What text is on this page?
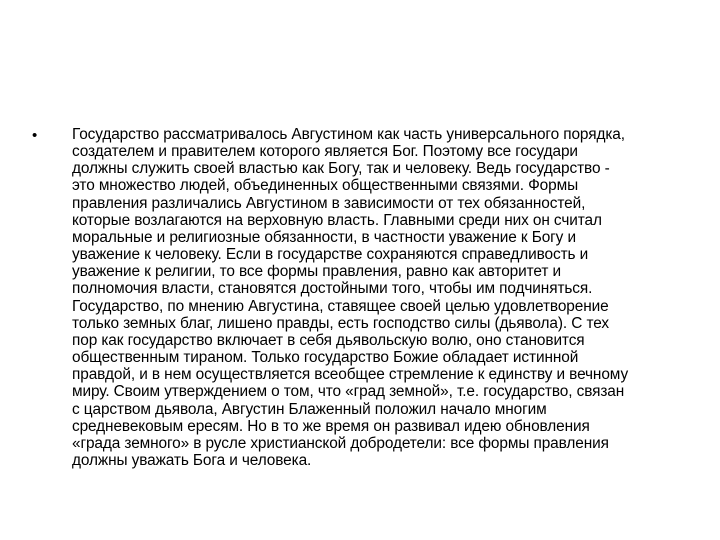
•	Государство рассматривалось Августином как часть универсального порядка,
создателем и правителем которого является Бог. Поэтому все государи
должны служить своей властью как Богу, так и человеку. Ведь государство -
это множество людей, объединенных общественными связями. Формы
правления различались Августином в зависимости от тех обязанностей,
которые возлагаются на верховную власть. Главными среди них он считал
моральные и религиозные обязанности, в частности уважение к Богу и
уважение к человеку. Если в государстве сохраняются справедливость и
уважение к религии, то все формы правления, равно как авторитет и
полномочия власти, становятся достойными того, чтобы им подчиняться.
Государство, по мнению Августина, ставящее своей целью удовлетворение
только земных благ, лишено правды, есть господство силы (дьявола). С тех
пор как государство включает в себя дьявольскую волю, оно становится
общественным тираном. Только государство Божие обладает истинной
правдой, и в нем осуществляется всеобщее стремление к единству и вечному
миру. Своим утверждением о том, что «град земной», т.е. государство, связан
с царством дьявола, Августин Блаженный положил начало многим
средневековым ересям. Но в то же время он развивал идею обновления
«града земного» в русле христианской добродетели: все формы правления
должны уважать Бога и человека.
